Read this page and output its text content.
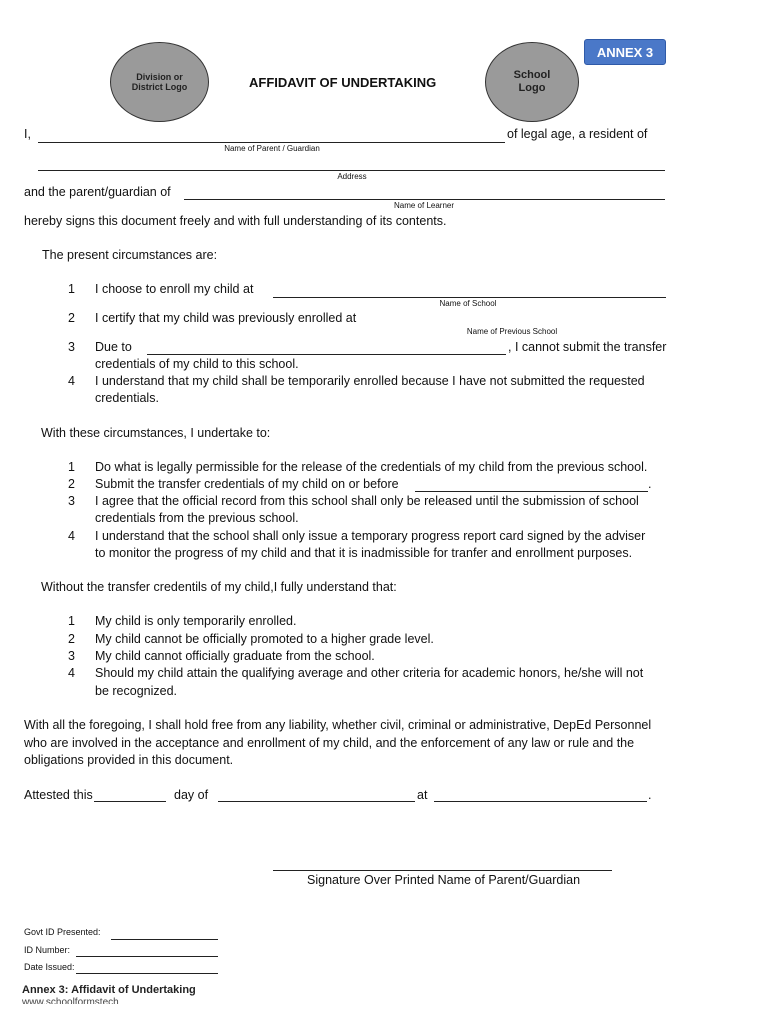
Division or District Logo	AFFIDAVIT OF UNDERTAKING	School Logo
ANNEX 3
I,	of legal age, a resident of
Name of Parent / Guardian
Address
and the parent/guardian of
Name of Learner
hereby signs this document freely and with full understanding of its contents.
The present circumstances are:
1	I choose to enroll my child at
Name of School
2	I certify that my child was previously enrolled at
Name of Previous School
3	Due to	, I cannot submit the transfer
credentials of my child to this school.
4	I understand that my child shall be temporarily enrolled because I have not submitted the requested
credentials.
With these circumstances, I undertake to:
1	Do what is legally permissible for the release of the credentials of my child from the previous school.
2	Submit the transfer credentials of my child on or before	.
3	I agree that the official record from this school shall only be released until the submission of school
credentials from the previous school.
4	I understand that the school shall only issue a temporary progress report card signed by the adviser
to monitor the progress of my child and that it is inadmissible for tranfer and enrollment purposes.
Without the transfer credentils of my child,I fully understand that:
1	My child is only temporarily enrolled.
2	My child cannot be officially promoted to a higher grade level.
3	My child cannot officially graduate from the school.
4	Should my child attain the qualifying average and other criteria for academic honors, he/she will not
be recognized.
With all the foregoing, I shall hold free from any liability, whether civil, criminal or administrative, DepEd Personnel
who are involved in the acceptance and enrollment of my child, and the enforcement of any law or rule and the
obligations provided in this document.
Attested this	day of	at	.
Signature Over Printed Name of Parent/Guardian
Govt ID Presented:
ID Number:
Date Issued:
Annex 3: Affidavit of Undertaking
www.schoolformstech
